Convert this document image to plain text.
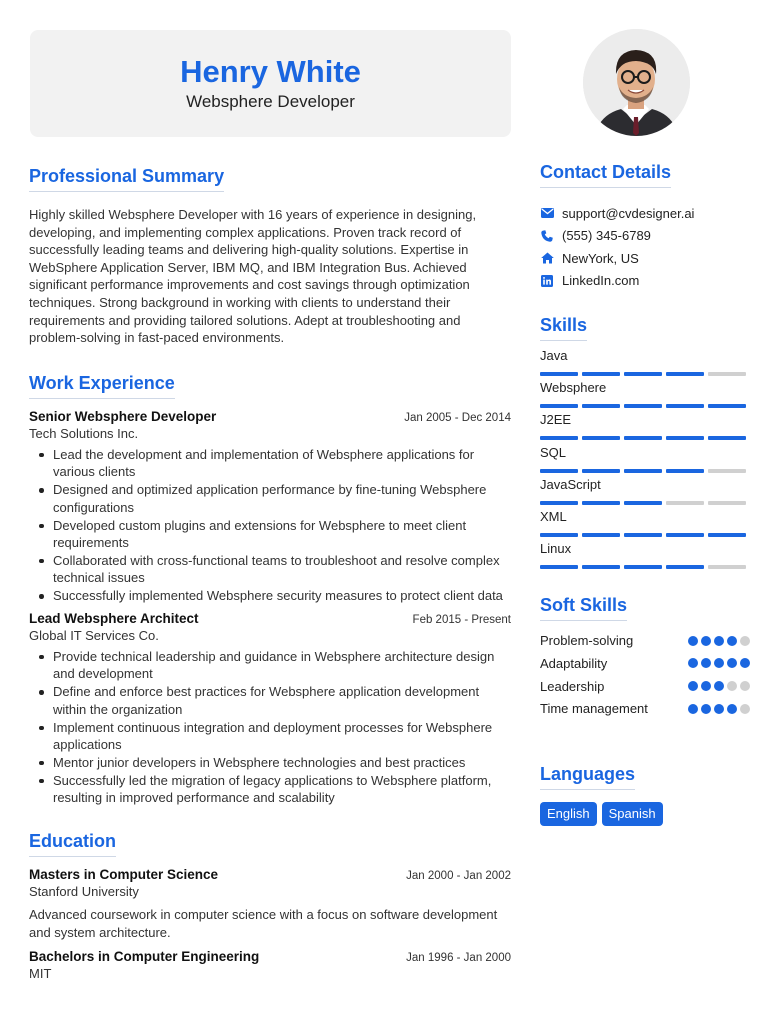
Henry White
Websphere Developer
Professional Summary

Highly skilled Websphere Developer with 16 years of experience in designing, developing, and implementing complex applications. Proven track record of successfully leading teams and delivering high-quality solutions. Expertise in WebSphere Application Server, IBM MQ, and IBM Integration Bus. Achieved significant performance improvements and cost savings through optimization techniques. Strong background in working with clients to understand their requirements and providing tailored solutions. Adept at troubleshooting and problem-solving in fast-paced environments.

Work Experience
Senior Websphere Developer	Jan 2005 - Dec 2014
Tech Solutions Inc.
Lead the development and implementation of Websphere applications for various clients
Designed and optimized application performance by fine-tuning Websphere configurations
Developed custom plugins and extensions for Websphere to meet client requirements
Collaborated with cross-functional teams to troubleshoot and resolve complex technical issues
Successfully implemented Websphere security measures to protect client data
Lead Websphere Architect	Feb 2015 - Present
Global IT Services Co.
Provide technical leadership and guidance in Websphere architecture design and development
Define and enforce best practices for Websphere application development within the organization
Implement continuous integration and deployment processes for Websphere applications
Mentor junior developers in Websphere technologies and best practices
Successfully led the migration of legacy applications to Websphere platform, resulting in improved performance and scalability
Education
Masters in Computer Science	Jan 2000 - Jan 2002
Stanford University

Advanced coursework in computer science with a focus on software development and system architecture.

Bachelors in Computer Engineering	Jan 1996 - Jan 2000
MIT
Contact Details
support@cvdesigner.ai
(555) 345-6789
NewYork, US
LinkedIn.com
Skills
Java
Websphere
J2EE
SQL
JavaScript
XML
Linux
Soft Skills
Problem-solving
Adaptability
Leadership
Time management
Languages
English	Spanish
